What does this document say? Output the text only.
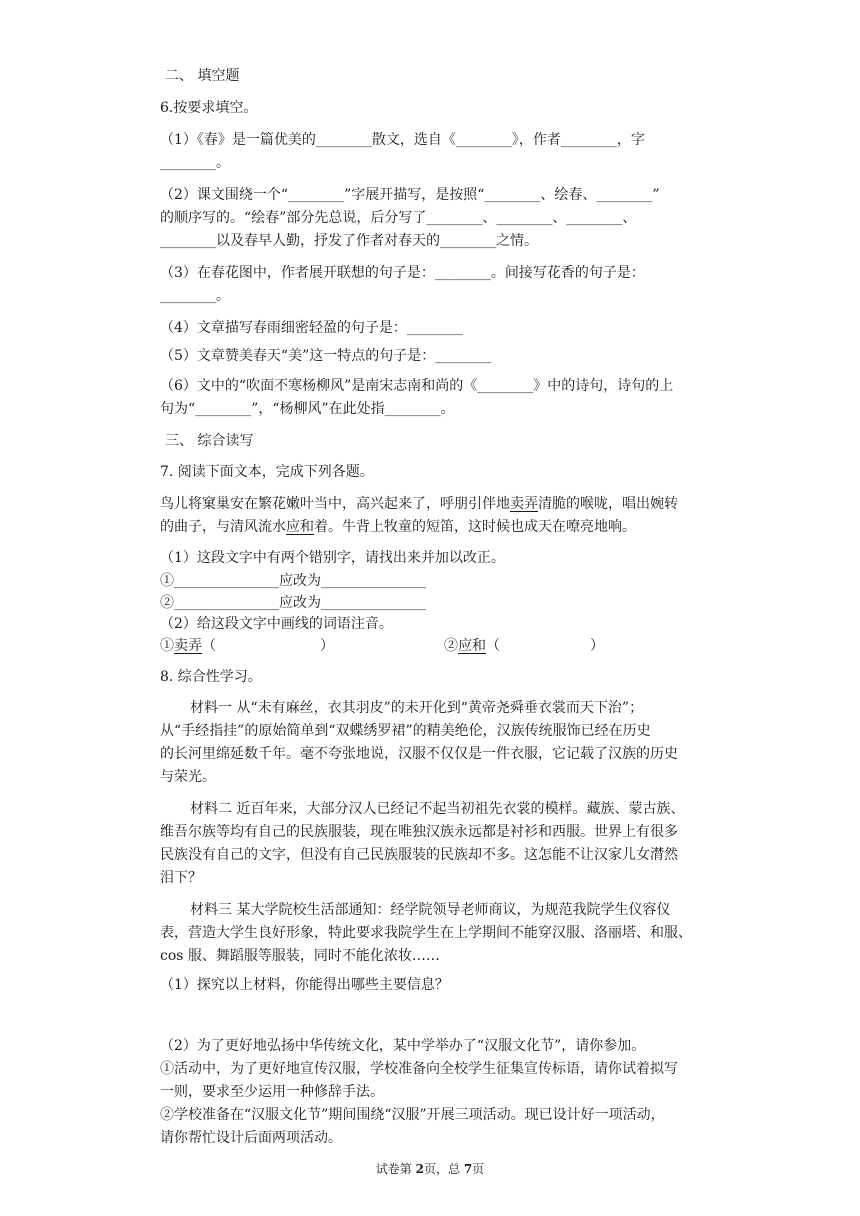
二、 填空题
6.按要求填空。
（1）《春》是一篇优美的________散文，选自《________》，作者________，字
________。
（2）课文围绕一个“________”字展开描写，是按照“________、绘春、________”
的顺序写的。“绘春”部分先总说，后分写了________、________、________、
________以及春早人勤，抒发了作者对春天的________之情。
（3）在春花图中，作者展开联想的句子是：________。间接写花香的句子是：
________。
（4）文章描写春雨细密轻盈的句子是：________
（5）文章赞美春天“美”这一特点的句子是：________
（6）文中的“吹面不寒杨柳风”是南宋志南和尚的《________》中的诗句，诗句的上
句为“________”，“杨柳风”在此处指________。
三、 综合读写
7. 阅读下面文本，完成下列各题。
鸟儿将窠巢安在繁花嫩叶当中，高兴起来了，呼朋引伴地卖弄清脆的喉咙，唱出婉转
的曲子，与清风流水应和着。牛背上牧童的短笛，这时候也成天在嘹亮地响。
（1）这段文字中有两个错别字，请找出来并加以改正。
①_______________应改为_______________
②_______________应改为_______________
（2）给这段文字中画线的词语注音。
①卖弄（	）	②应和（	）
8. 综合性学习。
材料一 从“未有麻丝，衣其羽皮”的未开化到“黄帝尧舜垂衣裳而天下治”；
从“手经指挂”的原始简单到“双蝶绣罗裙”的精美绝伦，汉族传统服饰已经在历史
的长河里绵延数千年。毫不夸张地说，汉服不仅仅是一件衣服，它记载了汉族的历史
与荣光。
材料二 近百年来，大部分汉人已经记不起当初祖先衣裳的模样。藏族、蒙古族、
维吾尔族等均有自己的民族服装，现在唯独汉族永远都是衬衫和西服。世界上有很多
民族没有自己的文字，但没有自己民族服装的民族却不多。这怎能不让汉家儿女潸然
泪下？
材料三 某大学院校生活部通知：经学院领导老师商议，为规范我院学生仪容仪
表，营造大学生良好形象，特此要求我院学生在上学期间不能穿汉服、洛丽塔、和服、
cos 服、舞蹈服等服装，同时不能化浓妆……
（1）探究以上材料，你能得出哪些主要信息？
（2）为了更好地弘扬中华传统文化，某中学举办了“汉服文化节”，请你参加。
①活动中，为了更好地宣传汉服，学校准备向全校学生征集宣传标语，请你试着拟写
一则，要求至少运用一种修辞手法。
②学校准备在“汉服文化节”期间围绕“汉服”开展三项活动。现已设计好一项活动，
请你帮忙设计后面两项活动。
试卷第 2页，总 7页
